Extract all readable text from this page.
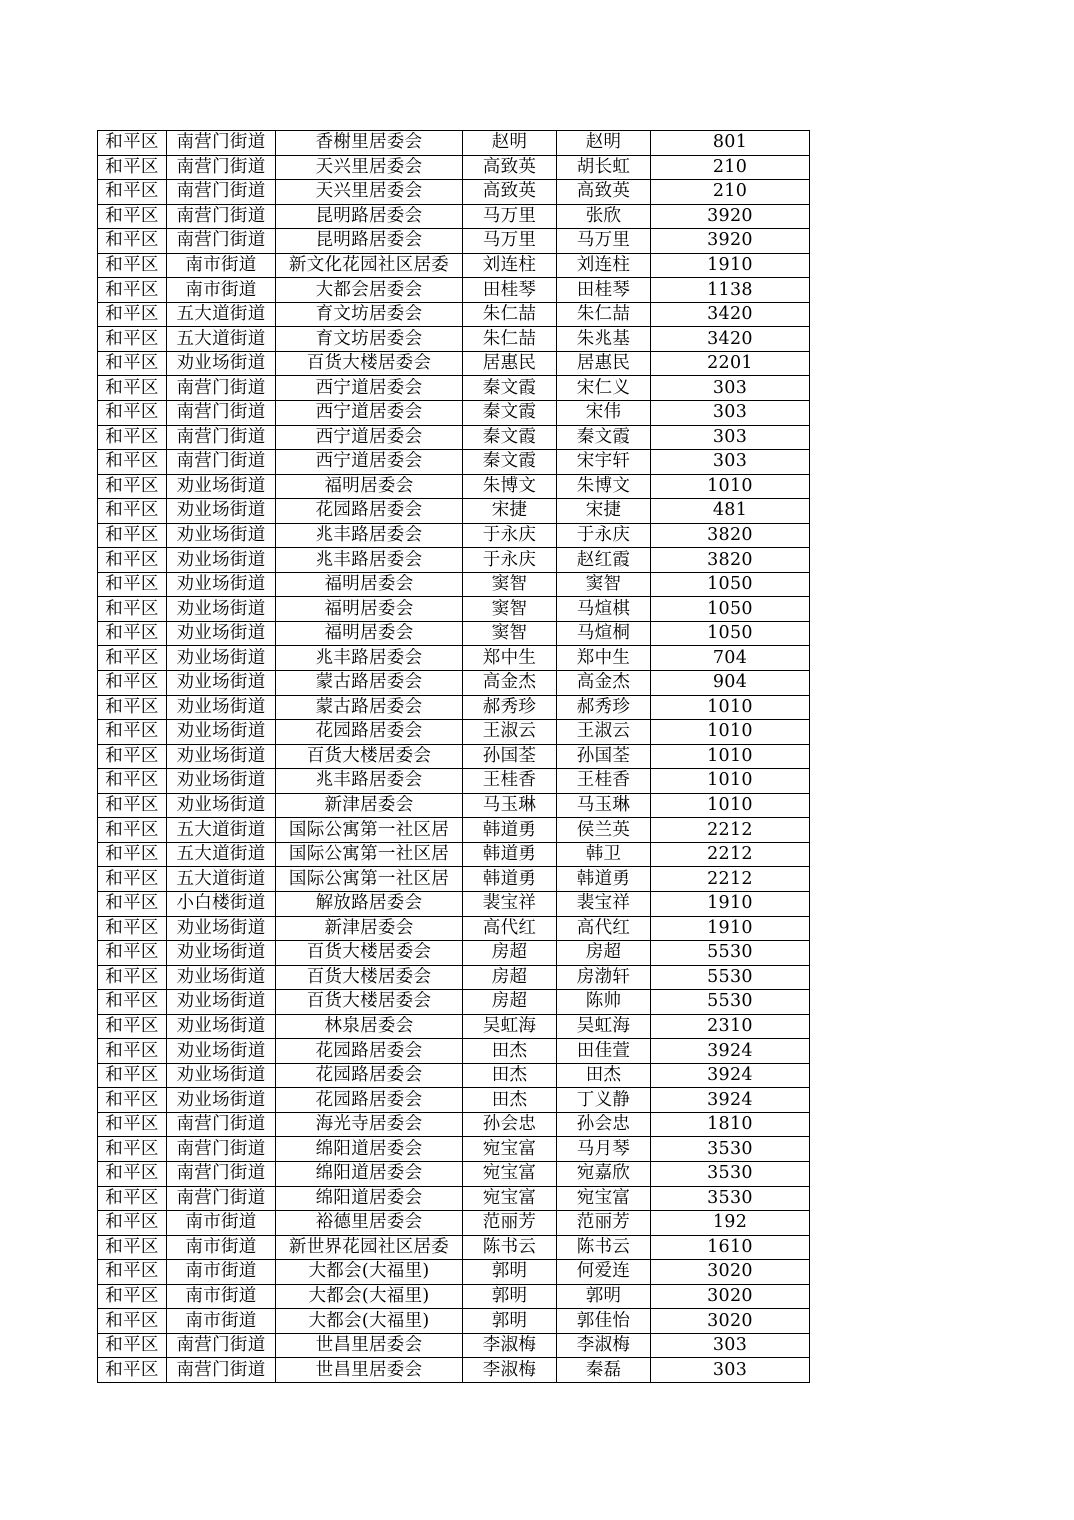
和平区	南营门街道	香榭里居委会	赵明	赵明	801
和平区	南营门街道	天兴里居委会	高致英	胡长虹	210
和平区	南营门街道	天兴里居委会	高致英	高致英	210
和平区	南营门街道	昆明路居委会	马万里	张欣	3920
和平区	南营门街道	昆明路居委会	马万里	马万里	3920
和平区	南市街道	新文化花园社区居委	刘连柱	刘连柱	1910
和平区	南市街道	大都会居委会	田桂琴	田桂琴	1138
和平区	五大道街道	育文坊居委会	朱仁喆	朱仁喆	3420
和平区	五大道街道	育文坊居委会	朱仁喆	朱兆基	3420
和平区	劝业场街道	百货大楼居委会	居惠民	居惠民	2201
和平区	南营门街道	西宁道居委会	秦文霞	宋仁义	303
和平区	南营门街道	西宁道居委会	秦文霞	宋伟	303
和平区	南营门街道	西宁道居委会	秦文霞	秦文霞	303
和平区	南营门街道	西宁道居委会	秦文霞	宋宇轩	303
和平区	劝业场街道	福明居委会	朱博文	朱博文	1010
和平区	劝业场街道	花园路居委会	宋捷	宋捷	481
和平区	劝业场街道	兆丰路居委会	于永庆	于永庆	3820
和平区	劝业场街道	兆丰路居委会	于永庆	赵红霞	3820
和平区	劝业场街道	福明居委会	窦智	窦智	1050
和平区	劝业场街道	福明居委会	窦智	马煊棋	1050
和平区	劝业场街道	福明居委会	窦智	马煊桐	1050
和平区	劝业场街道	兆丰路居委会	郑中生	郑中生	704
和平区	劝业场街道	蒙古路居委会	高金杰	高金杰	904
和平区	劝业场街道	蒙古路居委会	郝秀珍	郝秀珍	1010
和平区	劝业场街道	花园路居委会	王淑云	王淑云	1010
和平区	劝业场街道	百货大楼居委会	孙国荃	孙国荃	1010
和平区	劝业场街道	兆丰路居委会	王桂香	王桂香	1010
和平区	劝业场街道	新津居委会	马玉琳	马玉琳	1010
和平区	五大道街道	国际公寓第一社区居	韩道勇	侯兰英	2212
和平区	五大道街道	国际公寓第一社区居	韩道勇	韩卫	2212
和平区	五大道街道	国际公寓第一社区居	韩道勇	韩道勇	2212
和平区	小白楼街道	解放路居委会	裴宝祥	裴宝祥	1910
和平区	劝业场街道	新津居委会	高代红	高代红	1910
和平区	劝业场街道	百货大楼居委会	房超	房超	5530
和平区	劝业场街道	百货大楼居委会	房超	房渤轩	5530
和平区	劝业场街道	百货大楼居委会	房超	陈帅	5530
和平区	劝业场街道	林泉居委会	吴虹海	吴虹海	2310
和平区	劝业场街道	花园路居委会	田杰	田佳萱	3924
和平区	劝业场街道	花园路居委会	田杰	田杰	3924
和平区	劝业场街道	花园路居委会	田杰	丁义静	3924
和平区	南营门街道	海光寺居委会	孙会忠	孙会忠	1810
和平区	南营门街道	绵阳道居委会	宛宝富	马月琴	3530
和平区	南营门街道	绵阳道居委会	宛宝富	宛嘉欣	3530
和平区	南营门街道	绵阳道居委会	宛宝富	宛宝富	3530
和平区	南市街道	裕德里居委会	范丽芳	范丽芳	192
和平区	南市街道	新世界花园社区居委	陈书云	陈书云	1610
和平区	南市街道	大都会(大福里)	郭明	何爱连	3020
和平区	南市街道	大都会(大福里)	郭明	郭明	3020
和平区	南市街道	大都会(大福里)	郭明	郭佳怡	3020
和平区	南营门街道	世昌里居委会	李淑梅	李淑梅	303
和平区	南营门街道	世昌里居委会	李淑梅	秦磊	303
